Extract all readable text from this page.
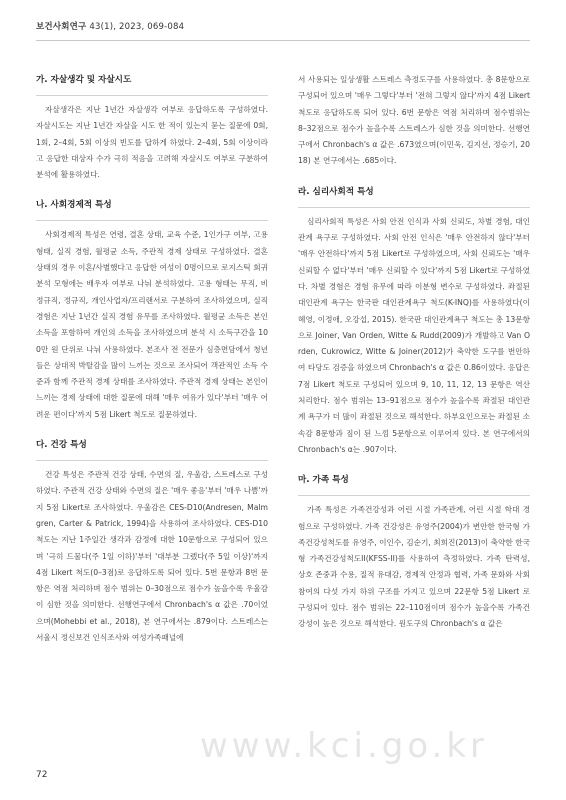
보건사회연구 43(1), 2023, 069-084
가. 자살생각 및 자살시도

자살생각은 지난 1년간 자살생각 여부로 응답하도록 구성하였다. 자살시도는 지난 1년간 자살을 시도 한 적이 있는지 묻는 질문에 0회, 1회, 2–4회, 5회 이상의 빈도를 답하게 하였다. 2–4회, 5회 이상이라고 응답한 대상자 수가 극히 적음을 고려해 자살시도 여부로 구분하여 분석에 활용하였다.

나. 사회경제적 특성

사회경제적 특성은 연령, 결혼 상태, 교육 수준, 1인가구 여부, 고용 형태, 실직 경험, 월평균 소득, 주관적 경제 상태로 구성하였다. 결혼 상태의 경우 이혼/사별했다고 응답한 여성이 0명이므로 로지스틱 회귀분석 모형에는 배우자 여부로 나눠 분석하였다. 고용 형태는 무직, 비정규직, 정규직, 개인사업자/프리랜서로 구분하여 조사하였으며, 실직 경험은 지난 1년간 실직 경험 유무를 조사하였다. 월평균 소득은 본인 소득을 포함하여 개인의 소득을 조사하였으며 분석 시 소득구간을 100만 원 단위로 나눠 사용하였다. 본조사 전 전문가 심층면담에서 청년들은 상대적 박탈감을 많이 느끼는 것으로 조사되어 객관적인 소득 수준과 함께 주관적 경제 상태를 조사하였다. 주관적 경제 상태는 본인이 느끼는 경제 상태에 대한 질문에 대해 '매우 여유가 있다'부터 '매우 어려운 편이다'까지 5점 Likert 척도로 질문하였다.

다. 건강 특성

건강 특성은 주관적 건강 상태, 수면의 질, 우울감, 스트레스로 구성하였다. 주관적 건강 상태와 수면의 질은 '매우 좋음'부터 '매우 나쁨'까지 5점 Likert로 조사하였다. 우울감은 CES-D10(Andresen, Malmgren, Carter & Patrick, 1994)을 사용하여 조사하였다. CES-D10 척도는 지난 1주일간 생각과 감정에 대한 10문항으로 구성되어 있으며 '극히 드물다(주 1일 이하)'부터 '대부분 그렜다(주 5일 이상)'까지 4점 Likert 척도(0–3점)로 응답하도록 되어 있다. 5번 문항과 8번 문항은 역점 처리하며 점수 범위는 0–30점으로 점수가 높을수록 우울감이 심한 것을 의미한다. 선행연구에서 Chronbach's α 값은 .70이었으며(Mohebbi et al., 2018), 본 연구에서는 .879이다. 스트레스는 서울시 정신보건 인식조사와 여성가족패널에

서 사용되는 일상생활 스트레스 측정도구를 사용하였다. 총 8문항으로 구성되어 있으며 '매우 그렇다'부터 '전혀 그렇지 않다'까지 4점 Likert 척도로 응답하도록 되어 있다. 6번 문항은 역점 처리하며 점수범위는 8–32점으로 점수가 높을수록 스트레스가 심한 것을 의미한다. 선행연구에서 Chronbach's α 값은 .673였으며(이민욱, 김지선, 정승기, 2018) 본 연구에서는 .685이다.

라. 심리사회적 특성

심리사회적 특성은 사회 안전 인식과 사회 신뢰도, 차별 경험, 대인관계 욕구로 구성하였다. 사회 안전 인식은 '매우 안전하지 않다'부터 '매우 안전하다'까지 5점 Likert로 구성하였으며, 사회 신뢰도는 '매우 신뢰할 수 없다'부터 '매우 신뢰할 수 있다'까지 5점 Likert로 구성하였다. 차별 경험은 경험 유무에 따라 이분형 변수로 구성하였다. 좌절된 대인관계 욕구는 한국판 대인관계욕구 척도(K-INQ)를 사용하였다(이혜영, 이정애, 오강섭, 2015). 한국판 대인관계욕구 척도는 총 13문항으로 Joiner, Van Orden, Witte & Rudd(2009)가 개발하고 Van Orden, Cukrowicz, Witte & Joiner(2012)가 축약한 도구를 번안하여 타당도 검증을 하였으며 Chronbach's α 값은 0.86이었다. 응답은 7점 Likert 척도로 구성되어 있으며 9, 10, 11, 12, 13 문항은 역산 처리한다. 점수 범위는 13–91점으로 점수가 높을수록 좌절된 대인관계 욕구가 더 많이 좌절된 것으로 해석한다. 하부요인으로는 좌절된 소속감 8문항과 짐이 된 느낌 5문항으로 이루어져 있다. 본 연구에서의 Chronbach's α는 .907이다.

마. 가족 특성

가족 특성은 가족건강성과 어린 시절 가족관계, 어린 시절 학대 경험으로 구성하였다. 가족 건강성은 유영주(2004)가 변안한 한국형 가족건강성척도를 유영주, 이인수, 김순기, 최희진(2013)이 축약한 한국형 가족건강성척도II(KFSS-II)를 사용하여 측정하였다. 가족 탄력성, 상호 존중과 수용, 질적 유대감, 경제적 안정과 협력, 가족 문화와 사회 참여의 다섯 가지 하위 구조를 가지고 있으며 22문항 5점 Likert 로 구성되어 있다. 점수 범위는 22–110점이며 점수가 높을수록 가족건강성이 높은 것으로 해석한다. 원도구의 Chronbach's α 값은

www.kci.go.kr
72
